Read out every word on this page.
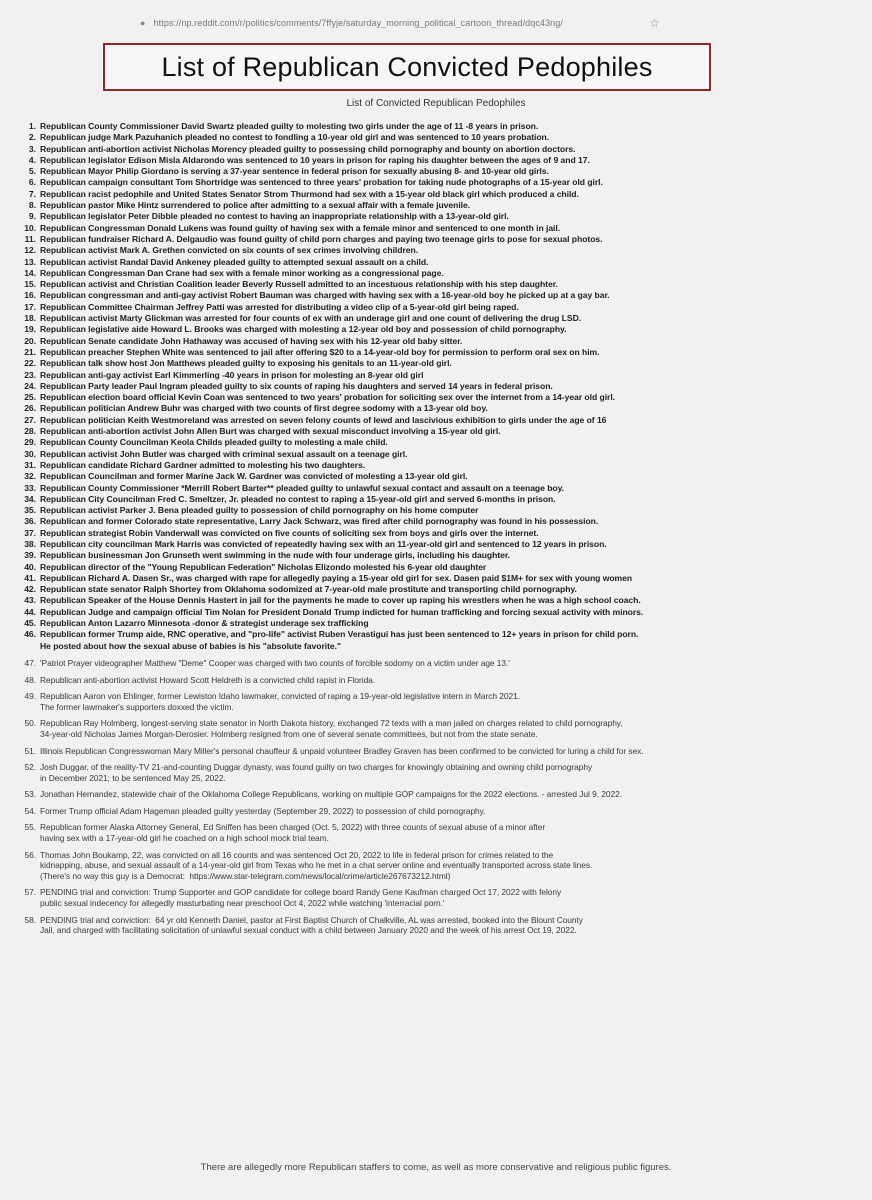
● https://np.reddit.com/r/politics/comments/7ffyje/saturday_morning_political_cartoon_thread/dqc43ng/	☆
List of Republican Convicted Pedophiles
List of Convicted Republican Pedophiles
1. Republican County Commissioner David Swartz pleaded guilty to molesting two girls under the age of 11 -8 years in prison.
2. Republican judge Mark Pazuhanich pleaded no contest to fondling a 10-year old girl and was sentenced to 10 years probation.
3. Republican anti-abortion activist Nicholas Morency pleaded guilty to possessing child pornography and bounty on abortion doctors.
4. Republican legislator Edison Misla Aldarondo was sentenced to 10 years in prison for raping his daughter between the ages of 9 and 17.
5. Republican Mayor Philip Giordano is serving a 37-year sentence in federal prison for sexually abusing 8- and 10-year old girls.
6. Republican campaign consultant Tom Shortridge was sentenced to three years' probation for taking nude photographs of a 15-year old girl.
7. Republican racist pedophile and United States Senator Strom Thurmond had sex with a 15-year old black girl which produced a child.
8. Republican pastor Mike Hintz surrendered to police after admitting to a sexual affair with a female juvenile.
9. Republican legislator Peter Dibble pleaded no contest to having an inappropriate relationship with a 13-year-old girl.
10. Republican Congressman Donald Lukens was found guilty of having sex with a female minor and sentenced to one month in jail.
11. Republican fundraiser Richard A. Delgaudio was found guilty of child porn charges and paying two teenage girls to pose for sexual photos.
12. Republican activist Mark A. Grethen convicted on six counts of sex crimes involving children.
13. Republican activist Randal David Ankeney pleaded guilty to attempted sexual assault on a child.
14. Republican Congressman Dan Crane had sex with a female minor working as a congressional page.
15. Republican activist and Christian Coalition leader Beverly Russell admitted to an incestuous relationship with his step daughter.
16. Republican congressman and anti-gay activist Robert Bauman was charged with having sex with a 16-year-old boy he picked up at a gay bar.
17. Republican Committee Chairman Jeffrey Patti was arrested for distributing a video clip of a 5-year-old girl being raped.
18. Republican activist Marty Glickman was arrested for four counts of ex with an underage girl and one count of delivering the drug LSD.
19. Republican legislative aide Howard L. Brooks was charged with molesting a 12-year old boy and possession of child pornography.
20. Republican Senate candidate John Hathaway was accused of having sex with his 12-year old baby sitter.
21. Republican preacher Stephen White was sentenced to jail after offering $20 to a 14-year-old boy for permission to perform oral sex on him.
22. Republican talk show host Jon Matthews pleaded guilty to exposing his genitals to an 11-year-old girl.
23. Republican anti-gay activist Earl Kimmerling -40 years in prison for molesting an 8-year old girl
24. Republican Party leader Paul Ingram pleaded guilty to six counts of raping his daughters and served 14 years in federal prison.
25. Republican election board official Kevin Coan was sentenced to two years' probation for soliciting sex over the internet from a 14-year old girl.
26. Republican politician Andrew Buhr was charged with two counts of first degree sodomy with a 13-year old boy.
27. Republican politician Keith Westmoreland was arrested on seven felony counts of lewd and lascivious exhibition to girls under the age of 16
28. Republican anti-abortion activist John Allen Burt was charged with sexual misconduct involving a 15-year old girl.
29. Republican County Councilman Keola Childs pleaded guilty to molesting a male child.
30. Republican activist John Butler was charged with criminal sexual assault on a teenage girl.
31. Republican candidate Richard Gardner admitted to molesting his two daughters.
32. Republican Councilman and former Marine Jack W. Gardner was convicted of molesting a 13-year old girl.
33. Republican County Commissioner *Merrill Robert Barter** pleaded guilty to unlawful sexual contact and assault on a teenage boy.
34. Republican City Councilman Fred C. Smeltzer, Jr. pleaded no contest to raping a 15-year-old girl and served 6-months in prison.
35. Republican activist Parker J. Bena pleaded guilty to possession of child pornography on his home computer
36. Republican and former Colorado state representative, Larry Jack Schwarz, was fired after child pornography was found in his possession.
37. Republican strategist Robin Vanderwall was convicted on five counts of soliciting sex from boys and girls over the internet.
38. Republican city councilman Mark Harris was convicted of repeatedly having sex with an 11-year-old girl and sentenced to 12 years in prison.
39. Republican businessman Jon Grunseth went swimming in the nude with four underage girls, including his daughter.
40. Republican director of the "Young Republican Federation" Nicholas Elizondo molested his 6-year old daughter
41. Republican Richard A. Dasen Sr., was charged with rape for allegedly paying a 15-year old girl for sex. Dasen paid $1M+ for sex with young women
42. Republican state senator Ralph Shortey from Oklahoma sodomized at 7-year-old male prostitute and transporting child pornography.
43. Republican Speaker of the House Dennis Hastert in jail for the payments he made to cover up raping his wrestlers when he was a high school coach.
44. Republican Judge and campaign official Tim Nolan for President Donald Trump indicted for human trafficking and forcing sexual activity with minors.
45. Republican Anton Lazarro Minnesota -donor & strategist underage sex trafficking
46. Republican former Trump aide, RNC operative, and "pro-life" activist Ruben Verastigui has just been sentenced to 12+ years in prison for child porn.
He posted about how the sexual abuse of babies is his "absolute favorite."
47. 'Patriot Prayer videographer Matthew "Deme" Cooper was charged with two counts of forcible sodomy on a victim under age 13.'
48. Republican anti-abortion activist Howard Scott Heldreth is a convicted child rapist in Florida.
49. Republican Aaron von Ehlinger, former Lewiston Idaho lawmaker, convicted of raping a 19-year-old legislative intern in March 2021.
The former lawmaker's supporters doxxed the victim.
50. Republican Ray Holmberg, longest-serving state senator in North Dakota history, exchanged 72 texts with a man jailed on charges related to child pornography,
34-year-old Nicholas James Morgan-Derosier. Holmberg resigned from one of several senate committees, but not from the state senate.
51. Illinois Republican Congresswoman Mary Miller's personal chauffeur & unpaid volunteer Bradley Graven has been confirmed to be convicted for luring a child for sex.
52. Josh Duggar, of the reality-TV 21-and-counting Duggar dynasty, was found guilty on two charges for knowingly obtaining and owning child pornography
in December 2021; to be sentenced May 25, 2022.
53. Jonathan Hernandez, statewide chair of the Oklahoma College Republicans, working on multiple GOP campaigns for the 2022 elections. - arrested Jul 9, 2022.
54. Former Trump official Adam Hageman pleaded guilty yesterday (September 29, 2022) to possession of child pornography.
55. Republican former Alaska Attorney General, Ed Sniffen has been charged (Oct. 5, 2022) with three counts of sexual abuse of a minor after
having sex with a 17-year-old girl he coached on a high school mock trial team.
56. Thomas John Boukamp, 22, was convicted on all 16 counts and was sentenced Oct 20, 2022 to life in federal prison for crimes related to the
kidnapping, abuse, and sexual assault of a 14-year-old girl from Texas who he met in a chat server online and eventually transported across state lines.
(There's no way this guy is a Democrat:  https://www.star-telegram.com/news/local/crime/article267673212.html)
57. PENDING trial and conviction: Trump Supporter and GOP candidate for college board Randy Gene Kaufman charged Oct 17, 2022 with felony
public sexual indecency for allegedly masturbating near preschool Oct 4, 2022 while watching 'interracial porn.'
58. PENDING trial and conviction:  64 yr old Kenneth Daniel, pastor at First Baptist Church of Chalkville, AL was arrested, booked into the Blount County
Jail, and charged with facilitating solicitation of unlawful sexual conduct with a child between January 2020 and the week of his arrest Oct 19, 2022.
There are allegedly more Republican staffers to come, as well as more conservative and religious public figures.
